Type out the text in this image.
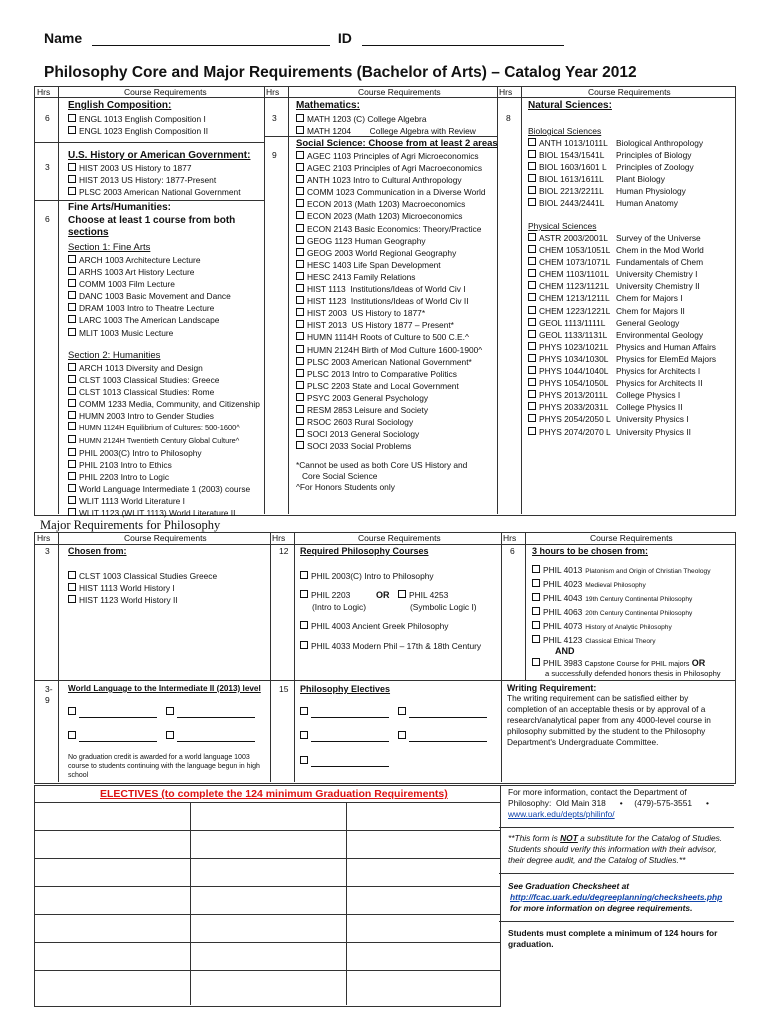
Name	ID
Philosophy Core and Major Requirements (Bachelor of Arts) – Catalog Year 2012
Hrs	Course Requirements	Hrs	Course Requirements	Hrs	Course Requirements
6
English Composition:
ENGL 1013 English Composition I
ENGL 1023 English Composition II
3
U.S. History or American Government:
HIST 2003 US History to 1877
HIST 2013 US History: 1877-Present
PLSC 2003 American National Government
6
Fine Arts/Humanities:
Choose at least 1 course from both
sections
Section 1: Fine Arts
ARCH 1003 Architecture Lecture
ARHS 1003 Art History Lecture
COMM 1003 Film Lecture
DANC 1003 Basic Movement and Dance
DRAM 1003 Intro to Theatre Lecture
LARC 1003 The American Landscape
MLIT 1003 Music Lecture
Section 2: Humanities
ARCH 1013 Diversity and Design
CLST 1003 Classical Studies: Greece
CLST 1013 Classical Studies: Rome
COMM 1233 Media, Community, and Citizenship
HUMN 2003 Intro to Gender Studies
HUMN 1124H Equilibrium of Cultures: 500-1600^
HUMN 2124H Twentieth Century Global Culture^
PHIL 2003(C) Intro to Philosophy
PHIL 2103 Intro to Ethics
PHIL 2203 Intro to Logic
World Language Intermediate 1 (2003) course
WLIT 1113 World Literature I
WLIT 1123 (WLIT 1113) World Literature II
3
Mathematics:
MATH 1203 (C) College Algebra
MATH 1204        College Algebra with Review
9
Social Science: Choose from at least 2 areas
AGEC 1103 Principles of Agri Microeconomics
AGEC 2103 Principles of Agri Macroeconomics
ANTH 1023 Intro to Cultural Anthropology
COMM 1023 Communication in a Diverse World
ECON 2013 (Math 1203) Macroeconomics
ECON 2023 (Math 1203) Microeconomics
ECON 2143 Basic Economics: Theory/Practice
GEOG 1123 Human Geography
GEOG 2003 World Regional Geography
HESC 1403 Life Span Development
HESC 2413 Family Relations
HIST 1113  Institutions/Ideas of World Civ I
HIST 1123  Institutions/Ideas of World Civ II
HIST 2003  US History to 1877*
HIST 2013  US History 1877 – Present*
HUMN 1114H Roots of Culture to 500 C.E.^
HUMN 2124H Birth of Mod Culture 1600-1900^
PLSC 2003 American National Government*
PLSC 2013 Intro to Comparative Politics
PLSC 2203 State and Local Government
PSYC 2003 General Psychology
RESM 2853 Leisure and Society
RSOC 2603 Rural Sociology
SOCI 2013 General Sociology
SOCI 2033 Social Problems
*Cannot be used as both Core US History and
Core Social Science
^For Honors Students only
8
Natural Sciences:
Biological Sciences
ANTH 1013/1011L Biological Anthropology
BIOL 1543/1541L Principles of Biology
BIOL 1603/1601 L Principles of Zoology
BIOL 1613/1611L Plant Biology
BIOL 2213/2211L Human Physiology
BIOL 2443/2441L Human Anatomy
Physical Sciences
ASTR 2003/2001L Survey of the Universe
CHEM 1053/1051L Chem in the Mod World
CHEM 1073/1071L Fundamentals of Chem
CHEM 1103/1101L University Chemistry I
CHEM 1123/1121L University Chemistry II
CHEM 1213/1211L Chem for Majors I
CHEM 1223/1221L Chem for Majors II
GEOL 1113/1111L General Geology
GEOL 1133/1131L Environmental Geology
PHYS 1023/1021L Physics and Human Affairs
PHYS 1034/1030L Physics for ElemEd Majors
PHYS 1044/1040L Physics for Architects I
PHYS 1054/1050L Physics for Architects II
PHYS 2013/2011L College Physics I
PHYS 2033/2031L College Physics II
PHYS 2054/2050 L University Physics I
PHYS 2074/2070 L University Physics II
Major Requirements for Philosophy
Hrs	Course Requirements	Hrs	Course Requirements	Hrs	Course Requirements
3 Chosen from:
CLST 1003 Classical Studies Greece
HIST 1113 World History I
HIST 1123 World History II
12 Required Philosophy Courses
PHIL 2003(C) Intro to Philosophy
PHIL 2203	OR	PHIL 4253
(Intro to Logic)	(Symbolic Logic I)
PHIL 4003 Ancient Greek Philosophy
PHIL 4033 Modern Phil – 17th & 18th Century
6 3 hours to be chosen from:
PHIL 4013 Platonism and Origin of Christian Theology
PHIL 4023 Medieval Philosophy
PHIL 4043 19th Century Continental Philosophy
PHIL 4063 20th Century Continental Philosophy
PHIL 4073 History of Analytic Philosophy
PHIL 4123 Classical Ethical Theory
AND
PHIL 3983 Capstone Course for PHIL majors OR
a successfully defended honors thesis in Philosophy
3-
9
World Language to the Intermediate II (2013) level
No graduation credit is awarded for a world language 1003 course to students continuing with the language begun in high school
15 Philosophy Electives	Writing Requirement:
The writing requirement can be satisfied either by completion of an acceptable thesis or by approval of a research/analytical paper from any 4000-level course in philosophy submitted by the student to the Philosophy Department's Undergraduate Committee.
ELECTIVES (to complete the 124 minimum Graduation Requirements)	For more information, contact the Department of
Philosophy:  Old Main 318      •     (479)-575-3551      •
www.uark.edu/depts/philinfo/
**This form is NOT a substitute for the Catalog of Studies. Students should verify this information with their advisor, their degree audit, and the Catalog of Studies.**
See Graduation Checksheet at
http://fcac.uark.edu/degreeplanning/checksheets.php
for more information on degree requirements.
Students must complete a minimum of 124 hours for graduation.
